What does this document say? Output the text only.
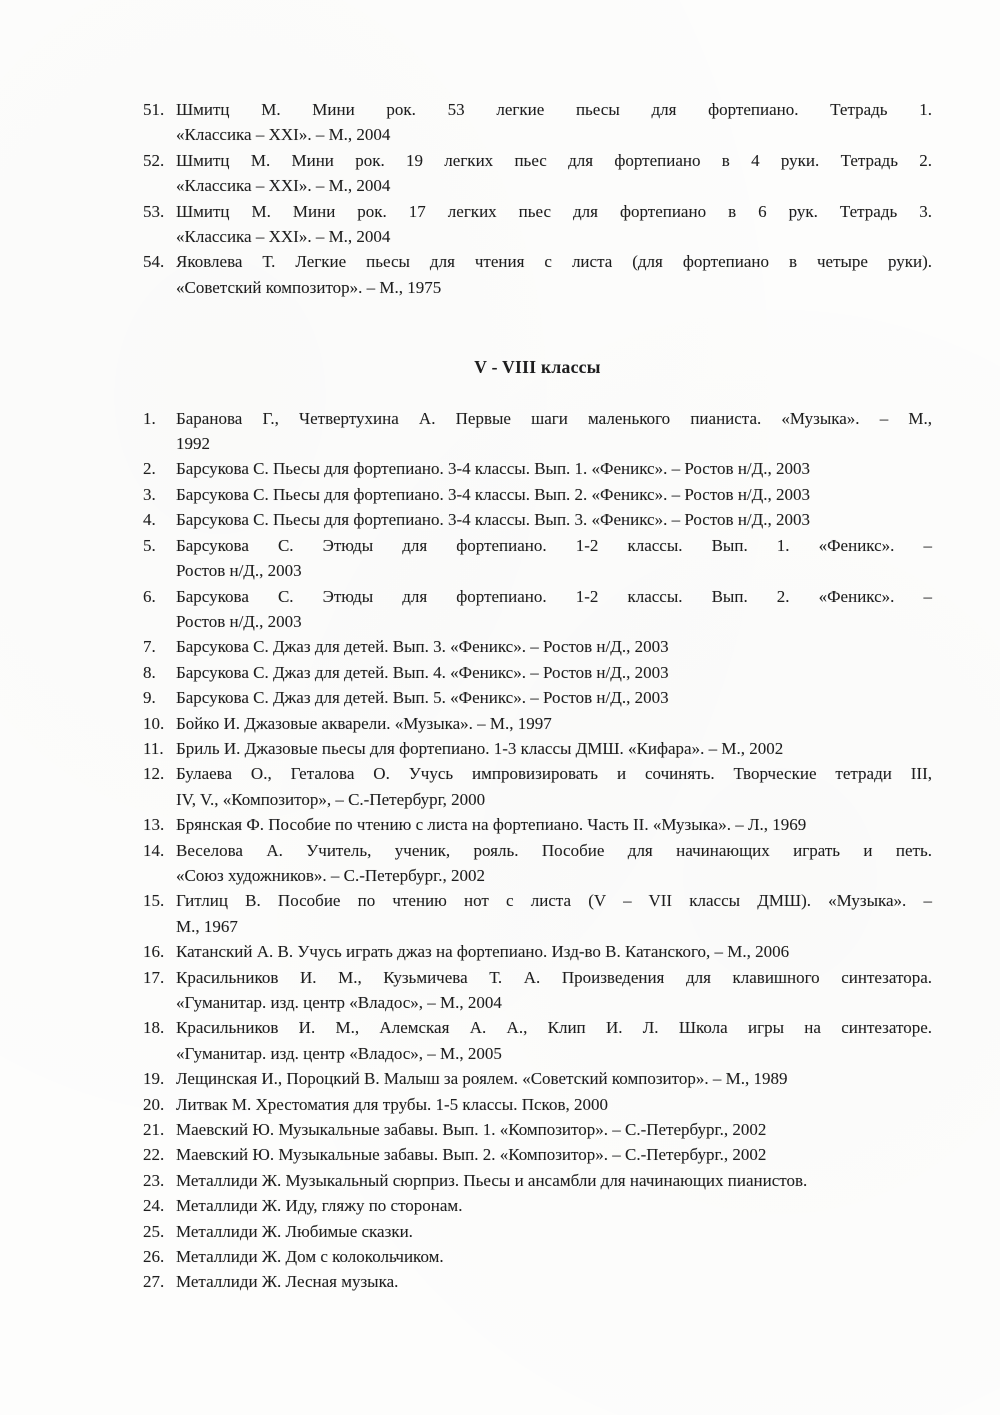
51. Шмитц М. Мини рок. 53 легкие пьесы для фортепиано. Тетрадь 1.
«Классика – XXI». – М., 2004
52. Шмитц М. Мини рок. 19 легких пьес для фортепиано в 4 руки. Тетрадь 2.
«Классика – XXI». – М., 2004
53. Шмитц М. Мини рок. 17 легких пьес для фортепиано в 6 рук. Тетрадь 3.
«Классика – XXI». – М., 2004
54. Яковлева Т. Легкие пьесы для чтения с листа (для фортепиано в четыре руки).
«Советский композитор». – М., 1975
V - VIII классы
1.	Баранова Г., Четвертухина А. Первые шаги маленького пианиста. «Музыка». – М.,
1992
2.	Барсукова С. Пьесы для фортепиано. 3-4 классы. Вып. 1. «Феникс». – Ростов н/Д., 2003
3.	Барсукова С. Пьесы для фортепиано. 3-4 классы. Вып. 2. «Феникс». – Ростов н/Д., 2003
4.	Барсукова С. Пьесы для фортепиано. 3-4 классы. Вып. 3. «Феникс». – Ростов н/Д., 2003
5.	Барсукова С. Этюды для фортепиано. 1-2 классы. Вып. 1. «Феникс». –
Ростов н/Д., 2003
6.	Барсукова С. Этюды для фортепиано. 1-2 классы. Вып. 2. «Феникс». –
Ростов н/Д., 2003
7.	Барсукова С. Джаз для детей. Вып. 3. «Феникс». – Ростов н/Д., 2003
8.	Барсукова С. Джаз для детей. Вып. 4. «Феникс». – Ростов н/Д., 2003
9.	Барсукова С. Джаз для детей. Вып. 5. «Феникс». – Ростов н/Д., 2003
10. Бойко И. Джазовые акварели. «Музыка». – М., 1997
11. Бриль И. Джазовые пьесы для фортепиано. 1-3 классы ДМШ. «Кифара». – М., 2002
12. Булаева О., Геталова О. Учусь импровизировать и сочинять. Творческие тетради III,
IV, V., «Композитор», – С.-Петербург, 2000
13. Брянская Ф. Пособие по чтению с листа на фортепиано. Часть II. «Музыка». – Л., 1969
14. Веселова А. Учитель, ученик, рояль. Пособие для начинающих играть и петь.
«Союз художников». – С.-Петербург., 2002
15. Гитлиц В. Пособие по чтению нот с листа (V – VII классы ДМШ). «Музыка». –
М., 1967
16. Катанский А. В. Учусь играть джаз на фортепиано. Изд-во В. Катанского, – М., 2006
17. Красильников И. М., Кузьмичева Т. А. Произведения для клавишного синтезатора.
«Гуманитар. изд. центр «Владос», – М., 2004
18. Красильников И. М., Алемская А. А., Клип И. Л. Школа игры на синтезаторе.
«Гуманитар. изд. центр «Владос», – М., 2005
19. Лещинская И., Пороцкий В. Малыш за роялем. «Советский композитор». – М., 1989
20. Литвак М. Хрестоматия для трубы. 1-5 классы. Псков, 2000
21. Маевский Ю. Музыкальные забавы. Вып. 1. «Композитор». – С.-Петербург., 2002
22. Маевский Ю. Музыкальные забавы. Вып. 2. «Композитор». – С.-Петербург., 2002
23. Металлиди Ж. Музыкальный сюрприз. Пьесы и ансамбли для начинающих пианистов.
24. Металлиди Ж. Иду, гляжу по сторонам.
25. Металлиди Ж. Любимые сказки.
26. Металлиди Ж. Дом с колокольчиком.
27. Металлиди Ж. Лесная музыка.
